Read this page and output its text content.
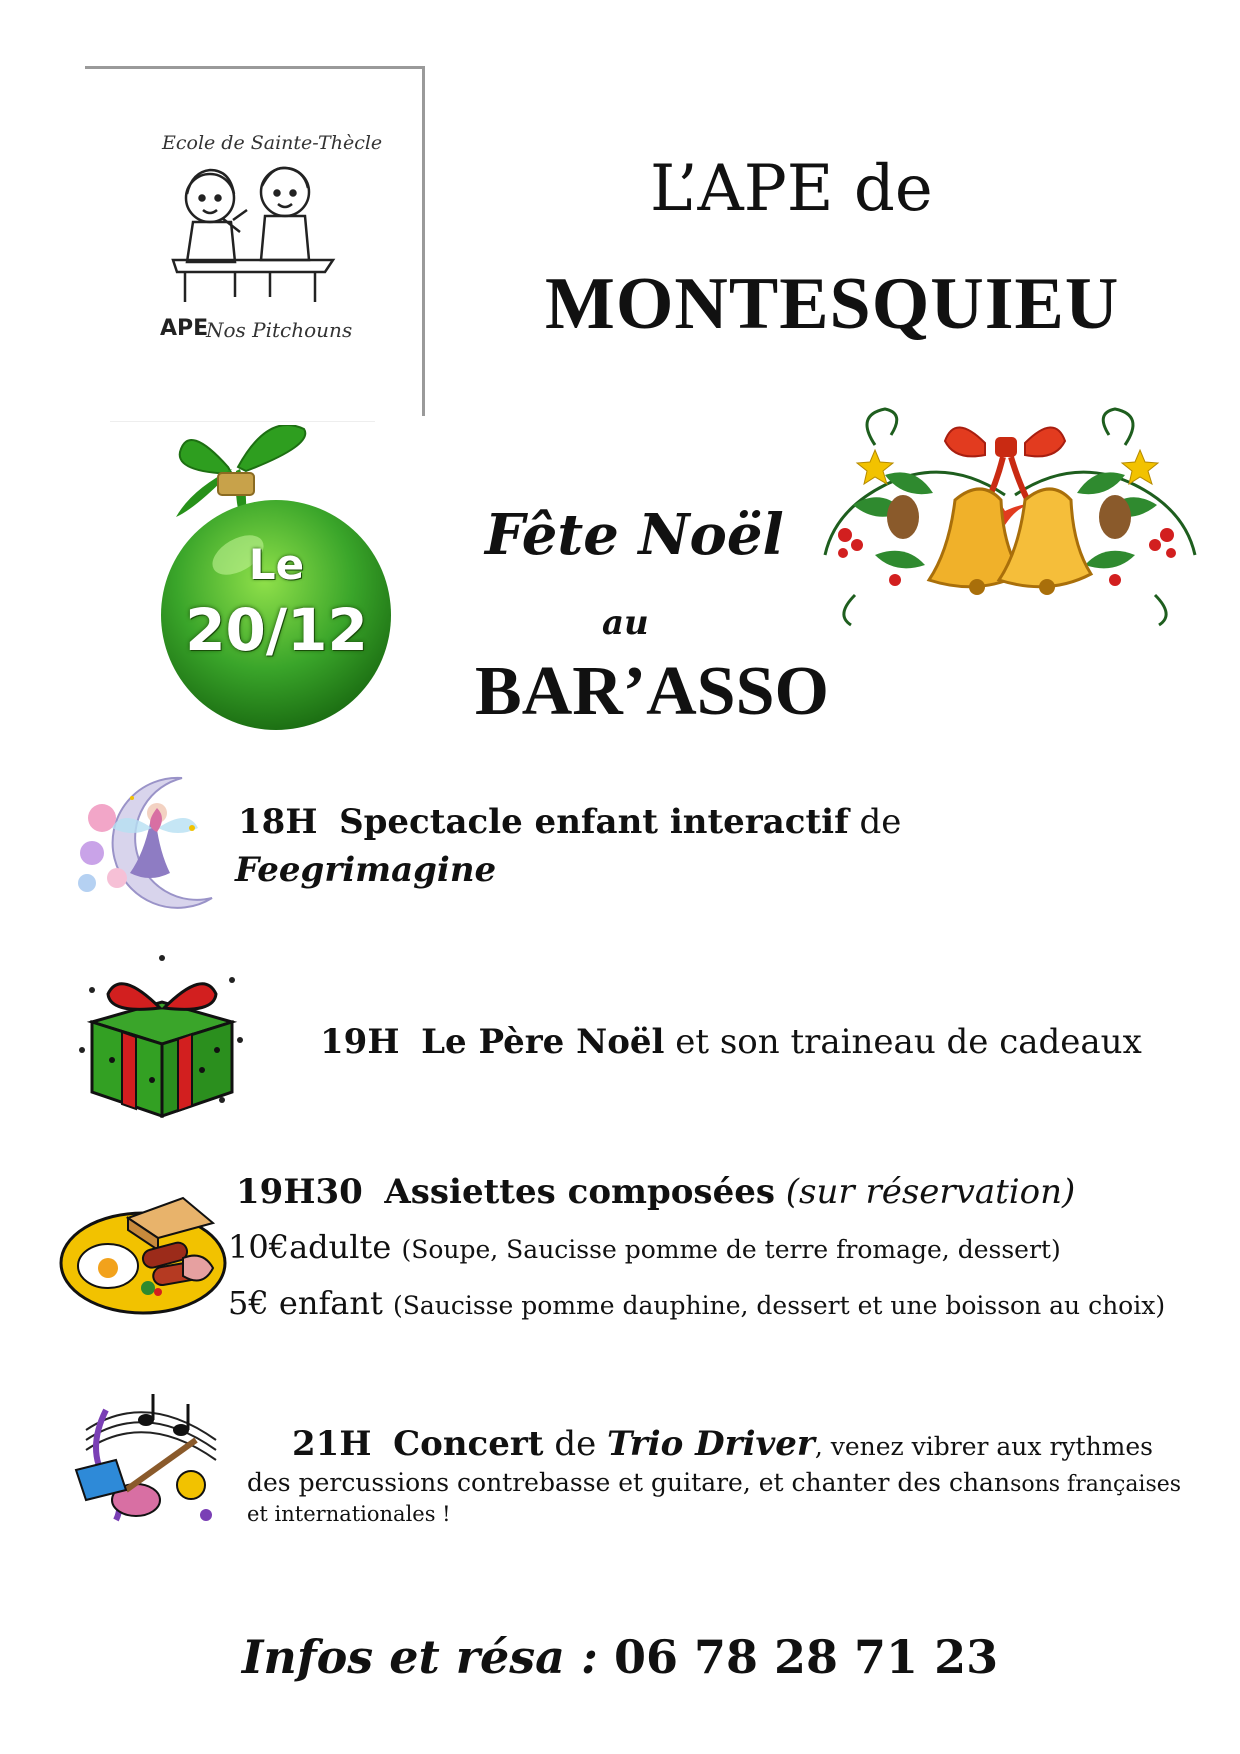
Ecole de Sainte-Thècle
APE
Nos Pitchouns
L’APE de
MONTESQUIEU
Le
20/12
Fête Noël
au
BAR’ASSO
18H Spectacle enfant interactif de
Feegrimagine
19H Le Père Noël et son traineau de cadeaux
19H30 Assiettes composées (sur réservation)
10€adulte (Soupe, Saucisse pomme de terre fromage, dessert)
5€ enfant (Saucisse pomme dauphine, dessert et une boisson au choix)
21H Concert de Trio Driver, venez vibrer aux rythmes
des percussions contrebasse et guitare, et chanter des chansons françaises
et internationales !
Infos et résa : 06 78 28 71 23
